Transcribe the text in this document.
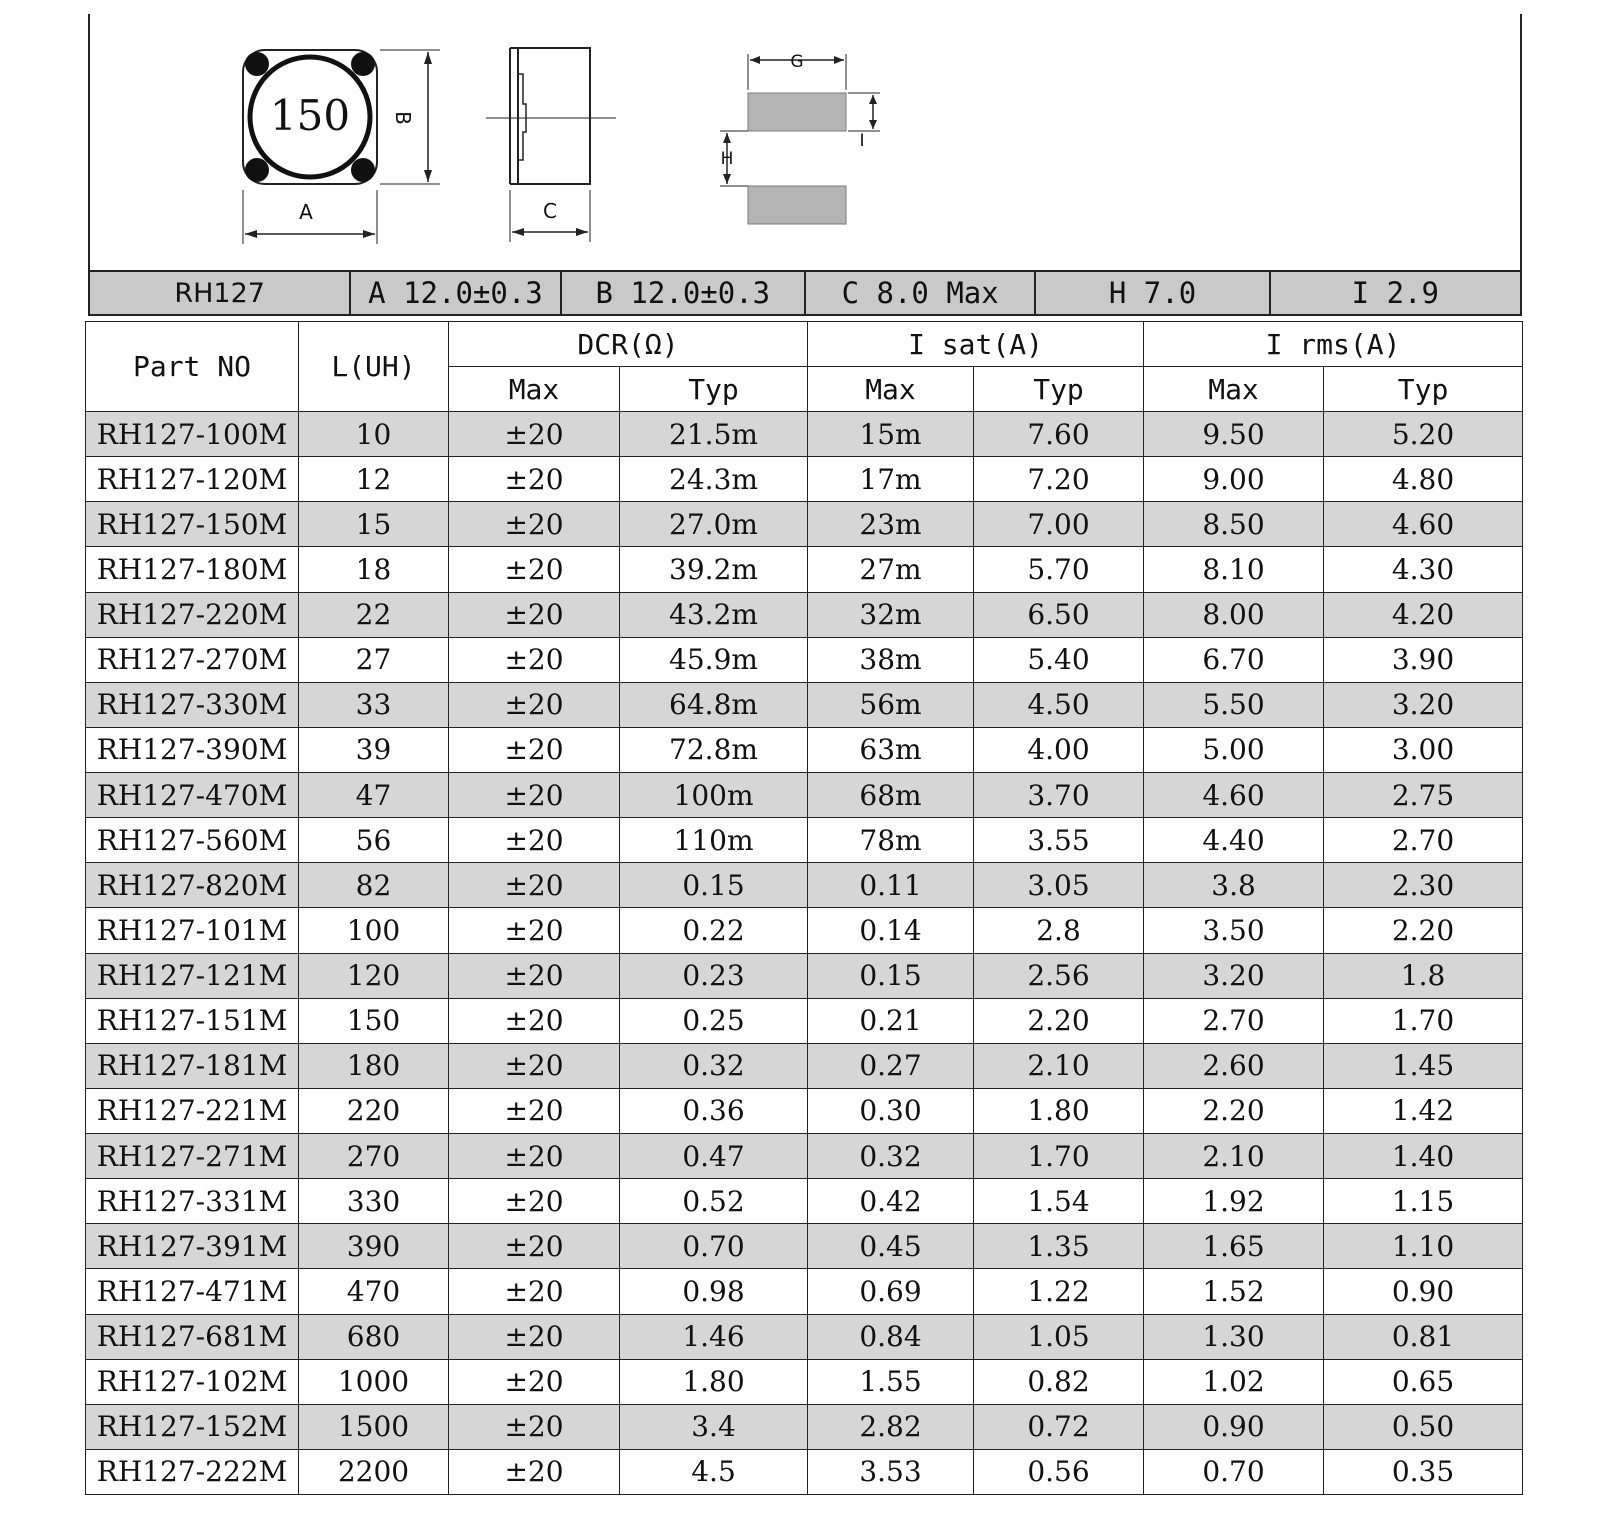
150
A
B
C
G
H
I
RH127	A 12.0±0.3	B 12.0±0.3	C 8.0 Max	H 7.0	I 2.9
Part NO	L(UH)	DCR(Ω)		I sat(A)		I rms(A)	
		Max	Typ	Max	Typ	Max	Typ
RH127-100M	10	±20	21.5m	15m	7.60	9.50	5.20
RH127-120M	12	±20	24.3m	17m	7.20	9.00	4.80
RH127-150M	15	±20	27.0m	23m	7.00	8.50	4.60
RH127-180M	18	±20	39.2m	27m	5.70	8.10	4.30
RH127-220M	22	±20	43.2m	32m	6.50	8.00	4.20
RH127-270M	27	±20	45.9m	38m	5.40	6.70	3.90
RH127-330M	33	±20	64.8m	56m	4.50	5.50	3.20
RH127-390M	39	±20	72.8m	63m	4.00	5.00	3.00
RH127-470M	47	±20	100m	68m	3.70	4.60	2.75
RH127-560M	56	±20	110m	78m	3.55	4.40	2.70
RH127-820M	82	±20	0.15	0.11	3.05	3.8	2.30
RH127-101M	100	±20	0.22	0.14	2.8	3.50	2.20
RH127-121M	120	±20	0.23	0.15	2.56	3.20	1.8
RH127-151M	150	±20	0.25	0.21	2.20	2.70	1.70
RH127-181M	180	±20	0.32	0.27	2.10	2.60	1.45
RH127-221M	220	±20	0.36	0.30	1.80	2.20	1.42
RH127-271M	270	±20	0.47	0.32	1.70	2.10	1.40
RH127-331M	330	±20	0.52	0.42	1.54	1.92	1.15
RH127-391M	390	±20	0.70	0.45	1.35	1.65	1.10
RH127-471M	470	±20	0.98	0.69	1.22	1.52	0.90
RH127-681M	680	±20	1.46	0.84	1.05	1.30	0.81
RH127-102M	1000	±20	1.80	1.55	0.82	1.02	0.65
RH127-152M	1500	±20	3.4	2.82	0.72	0.90	0.50
RH127-222M	2200	±20	4.5	3.53	0.56	0.70	0.35
